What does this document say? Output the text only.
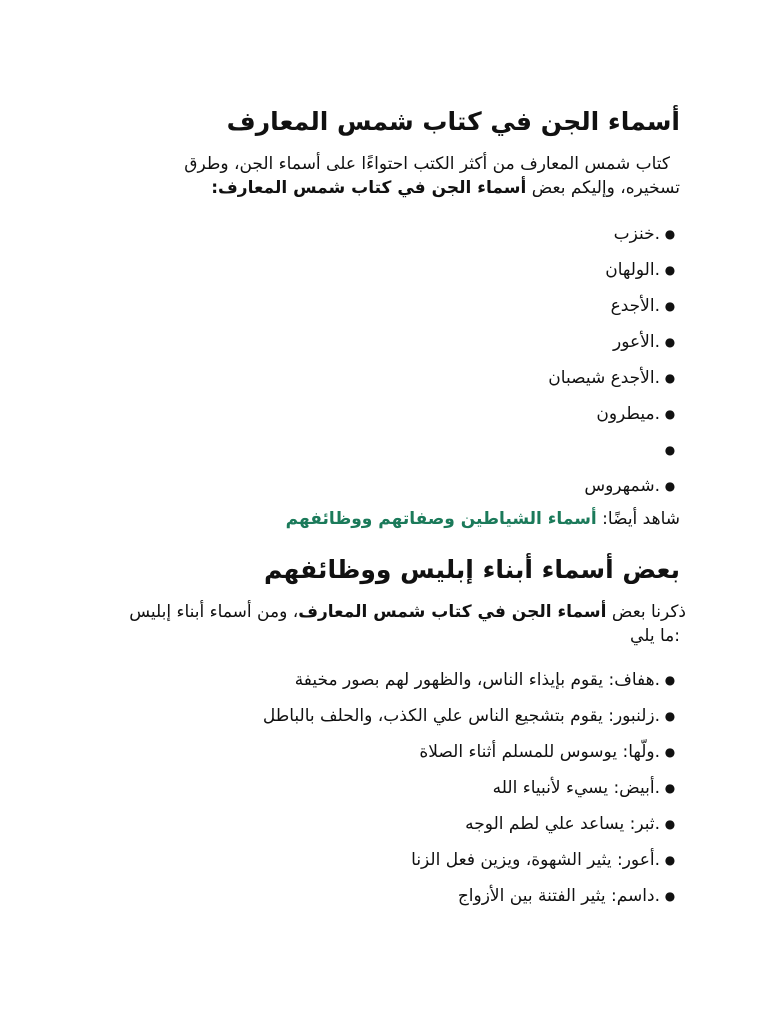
أسماء الجن في كتاب شمس المعارف
كتاب شمس المعارف من أكثر الكتب احتواءًا على أسماء الجن، وطرق
تسخيره، وإليكم بعض أسماء الجن في كتاب شمس المعارف:
●.خنزب
●.الولهان
●.الأجدع
●.الأعور
●.الأجدع شيصبان
●.ميطرون
●
●.شمهروس
شاهد أيضًا: أسماء الشياطين وصفاتهم ووظائفهم
بعض أسماء أبناء إبليس ووظائفهم
ذكرنا بعض أسماء الجن في كتاب شمس المعارف، ومن أسماء أبناء إبليس
:ما يلي
●.هفاف: يقوم بإيذاء الناس، والظهور لهم بصور مخيفة
●.زلنبور: يقوم بتشجيع الناس علي الكذب، والحلف بالباطل
●.ولّها: يوسوس للمسلم أثناء الصلاة
●.أبيض: يسيء لأنبياء الله
●.ثبر: يساعد علي لطم الوجه
●.أعور: يثير الشهوة، ويزين فعل الزنا
●.داسم: يثير الفتنة بين الأزواج
